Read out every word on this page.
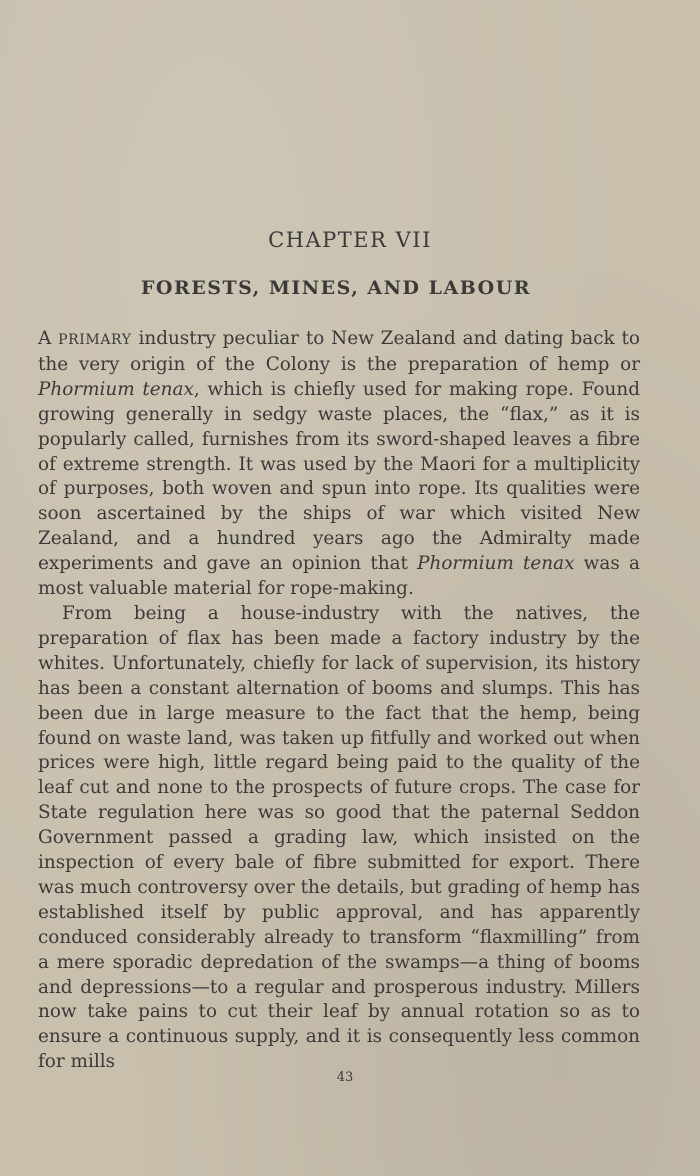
CHAPTER VII
FORESTS, MINES, AND LABOUR

A PRIMARY industry peculiar to New Zealand and dating back to the very origin of the Colony is the preparation of hemp or Phormium tenax, which is chiefly used for making rope. Found growing generally in sedgy waste places, the “flax,” as it is popularly called, furnishes from its sword-shaped leaves a fibre of extreme strength. It was used by the Maori for a multiplicity of purposes, both woven and spun into rope. Its qualities were soon ascertained by the ships of war which visited New Zealand, and a hundred years ago the Admiralty made experiments and gave an opinion that Phormium tenax was a most valuable material for rope-making.

From being a house-industry with the natives, the preparation of flax has been made a factory industry by the whites. Unfortunately, chiefly for lack of supervision, its history has been a constant alternation of booms and slumps. This has been due in large measure to the fact that the hemp, being found on waste land, was taken up fitfully and worked out when prices were high, little regard being paid to the quality of the leaf cut and none to the prospects of future crops. The case for State regulation here was so good that the paternal Seddon Government passed a grading law, which insisted on the inspection of every bale of fibre submitted for export. There was much controversy over the details, but grading of hemp has established itself by public approval, and has apparently conduced considerably already to transform “flaxmilling” from a mere sporadic depredation of the swamps—a thing of booms and depressions—to a regular and prosperous industry. Millers now take pains to cut their leaf by annual rotation so as to ensure a continuous supply, and it is consequently less common for mills

43
